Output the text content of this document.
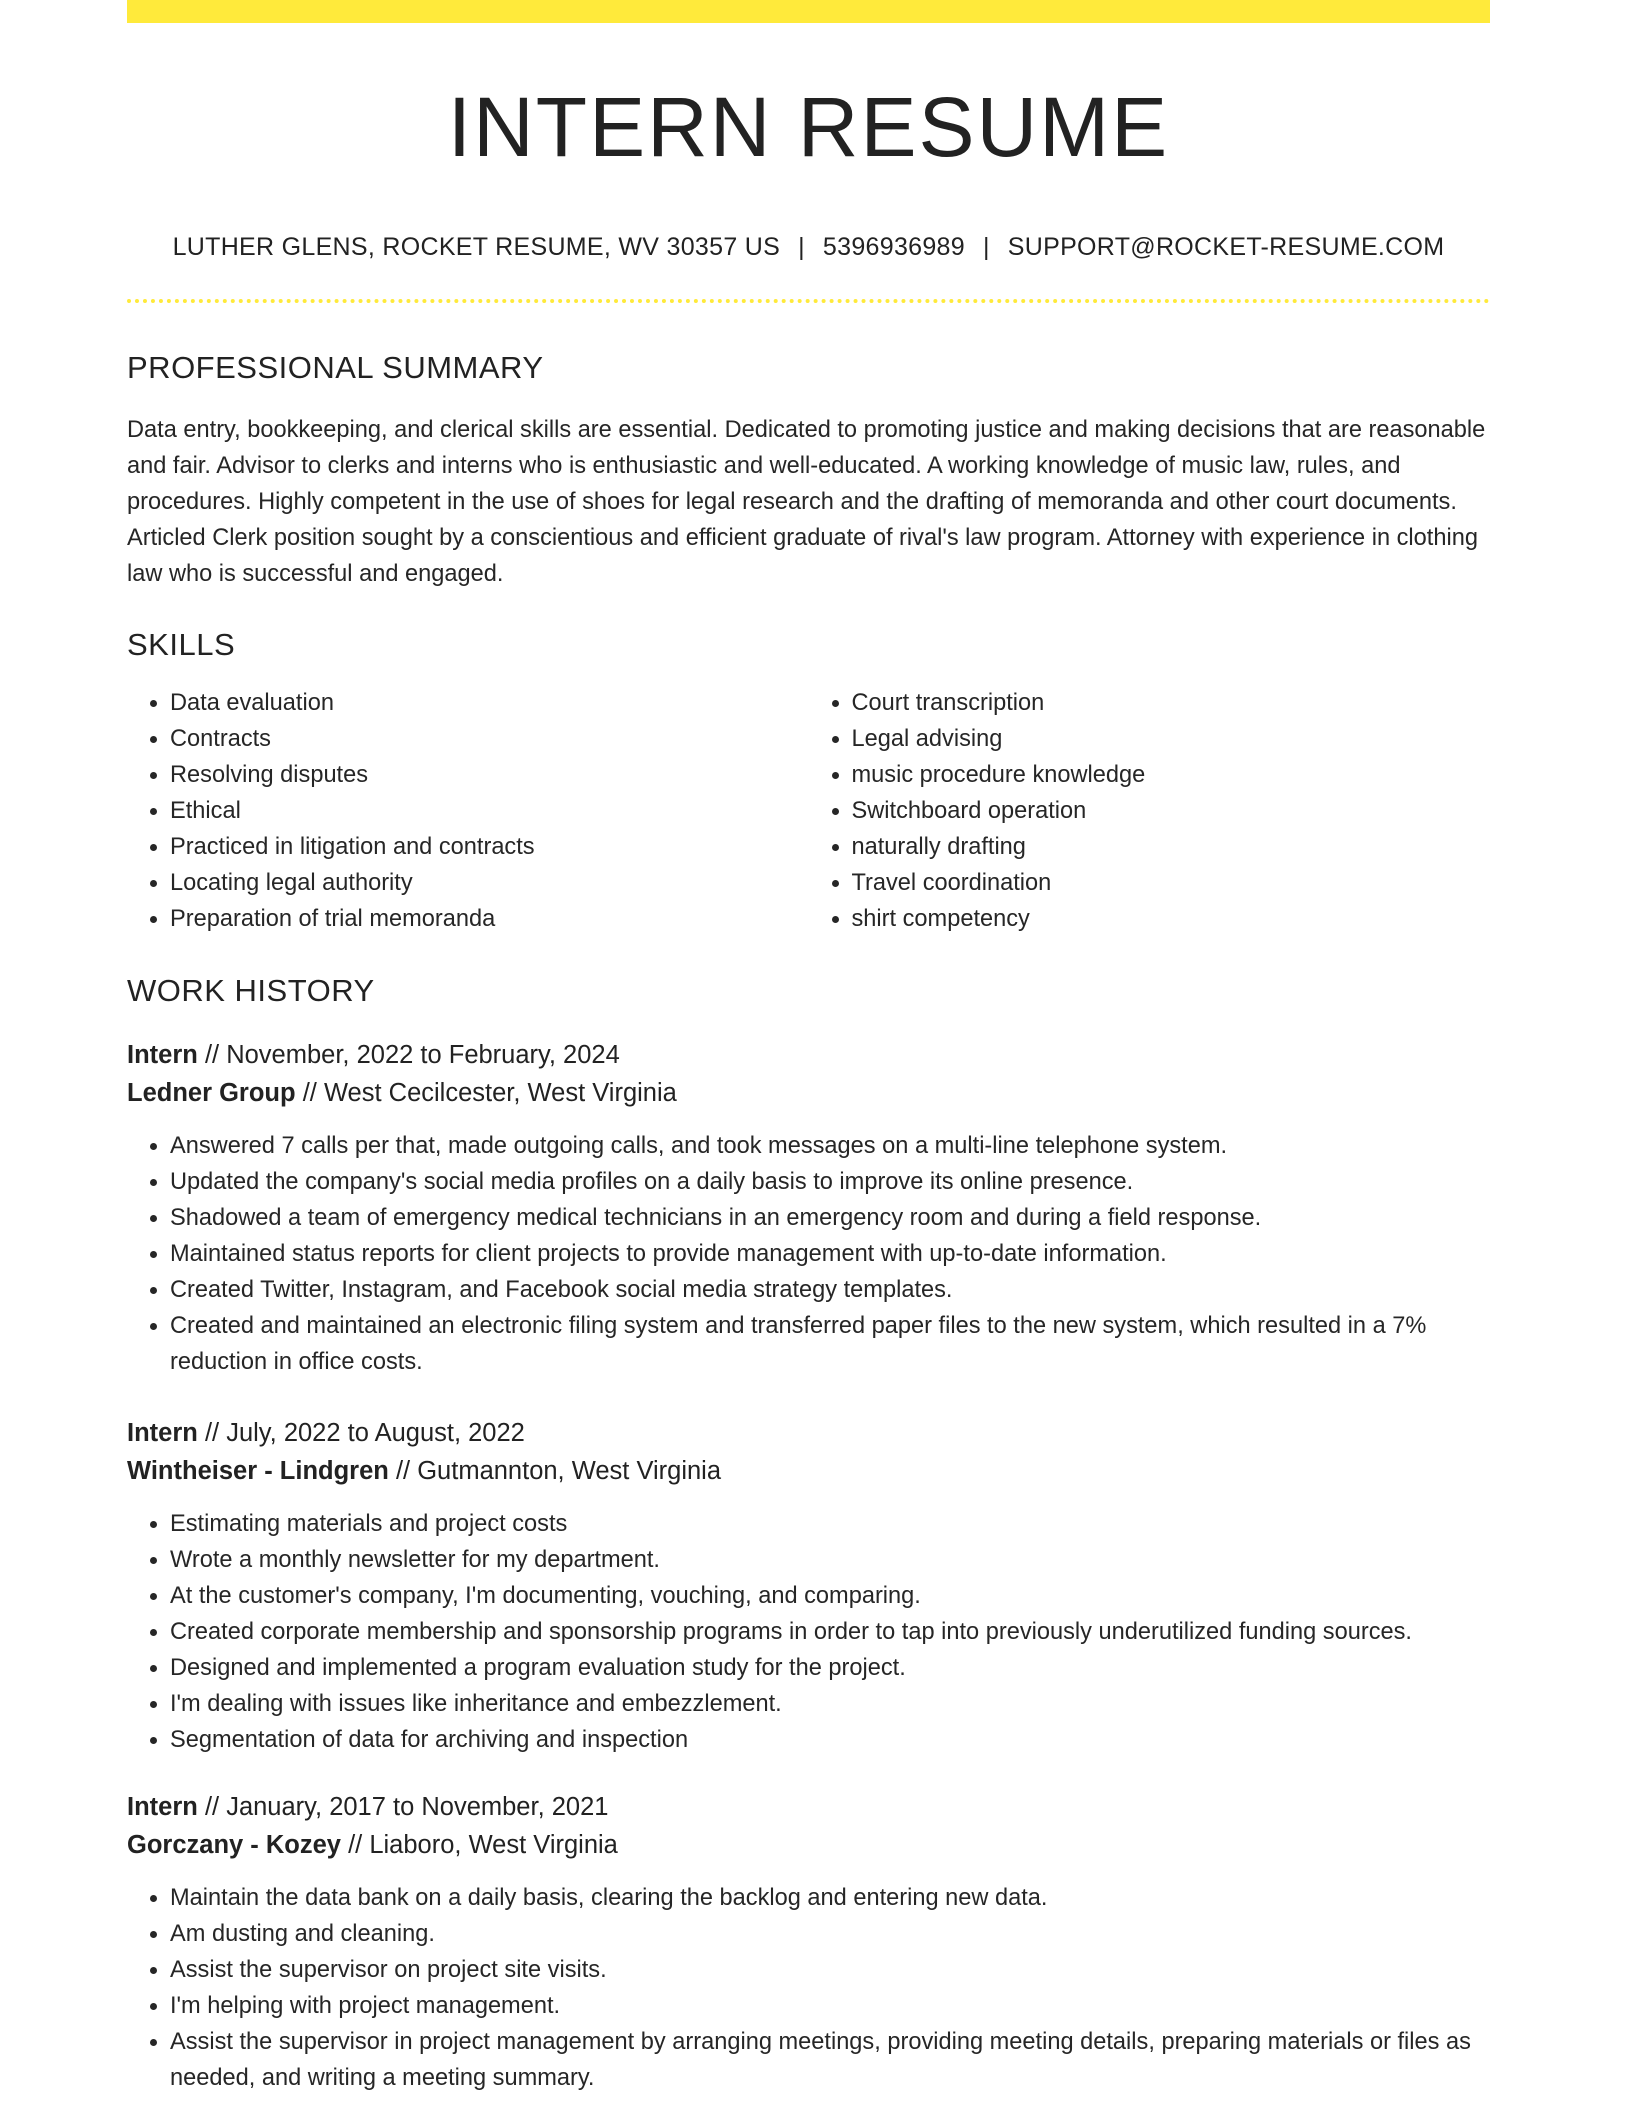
INTERN RESUME
LUTHER GLENS, ROCKET RESUME, WV 30357 US | 5396936989 | SUPPORT@ROCKET-RESUME.COM
PROFESSIONAL SUMMARY

Data entry, bookkeeping, and clerical skills are essential. Dedicated to promoting justice and making decisions that are reasonable and fair. Advisor to clerks and interns who is enthusiastic and well-educated. A working knowledge of music law, rules, and procedures. Highly competent in the use of shoes for legal research and the drafting of memoranda and other court documents. Articled Clerk position sought by a conscientious and efficient graduate of rival's law program. Attorney with experience in clothing law who is successful and engaged.

SKILLS
• Data evaluation
• Contracts
• Resolving disputes
• Ethical
• Practiced in litigation and contracts
• Locating legal authority
• Preparation of trial memoranda
• Court transcription
• Legal advising
• music procedure knowledge
• Switchboard operation
• naturally drafting
• Travel coordination
• shirt competency
WORK HISTORY
Intern // November, 2022 to February, 2024
Ledner Group // West Cecilcester, West Virginia
• Answered 7 calls per that, made outgoing calls, and took messages on a multi-line telephone system.
• Updated the company's social media profiles on a daily basis to improve its online presence.
• Shadowed a team of emergency medical technicians in an emergency room and during a field response.
• Maintained status reports for client projects to provide management with up-to-date information.
• Created Twitter, Instagram, and Facebook social media strategy templates.
• Created and maintained an electronic filing system and transferred paper files to the new system, which resulted in a 7% reduction in office costs.
Intern // July, 2022 to August, 2022
Wintheiser - Lindgren // Gutmannton, West Virginia
• Estimating materials and project costs
• Wrote a monthly newsletter for my department.
• At the customer's company, I'm documenting, vouching, and comparing.
• Created corporate membership and sponsorship programs in order to tap into previously underutilized funding sources.
• Designed and implemented a program evaluation study for the project.
• I'm dealing with issues like inheritance and embezzlement.
• Segmentation of data for archiving and inspection
Intern // January, 2017 to November, 2021
Gorczany - Kozey // Liaboro, West Virginia
• Maintain the data bank on a daily basis, clearing the backlog and entering new data.
• Am dusting and cleaning.
• Assist the supervisor on project site visits.
• I'm helping with project management.
• Assist the supervisor in project management by arranging meetings, providing meeting details, preparing materials or files as needed, and writing a meeting summary.
